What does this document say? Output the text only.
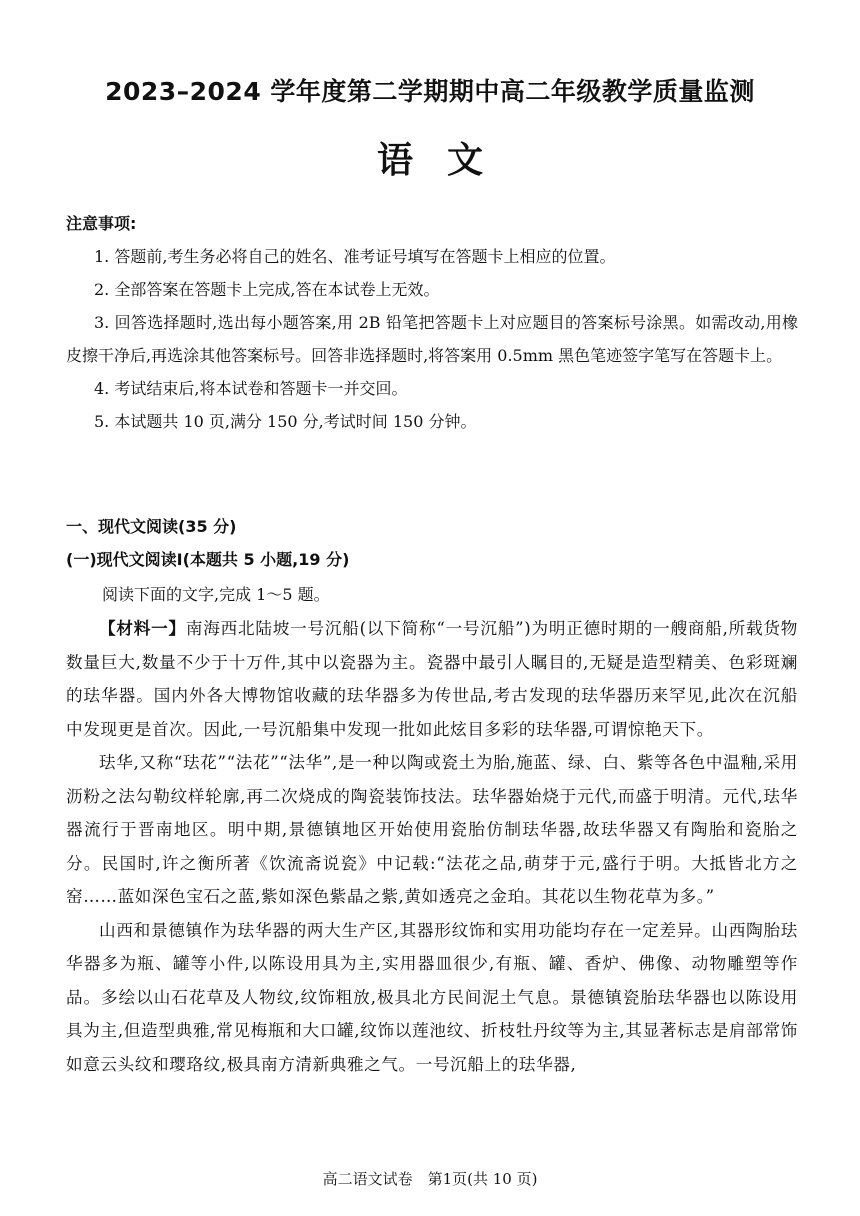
2023–2024 学年度第二学期期中高二年级教学质量监测
语文
注意事项:

1. 答题前,考生务必将自己的姓名、准考证号填写在答题卡上相应的位置。

2. 全部答案在答题卡上完成,答在本试卷上无效。

3. 回答选择题时,选出每小题答案,用 2B 铅笔把答题卡上对应题目的答案标号涂黑。如需改动,用橡皮擦干净后,再选涂其他答案标号。回答非选择题时,将答案用 0.5mm 黑色笔迹签字笔写在答题卡上。

4. 考试结束后,将本试卷和答题卡一并交回。

5. 本试题共 10 页,满分 150 分,考试时间 150 分钟。

一、现代文阅读(35 分)
(一)现代文阅读Ⅰ(本题共 5 小题,19 分)
阅读下面的文字,完成 1～5 题。

【材料一】南海西北陆坡一号沉船(以下简称“一号沉船”)为明正德时期的一艘商船,所载货物数量巨大,数量不少于十万件,其中以瓷器为主。瓷器中最引人瞩目的,无疑是造型精美、色彩斑斓的珐华器。国内外各大博物馆收藏的珐华器多为传世品,考古发现的珐华器历来罕见,此次在沉船中发现更是首次。因此,一号沉船集中发现一批如此炫目多彩的珐华器,可谓惊艳天下。

珐华,又称“珐花”“法花”“法华”,是一种以陶或瓷土为胎,施蓝、绿、白、紫等各色中温釉,采用沥粉之法勾勒纹样轮廓,再二次烧成的陶瓷装饰技法。珐华器始烧于元代,而盛于明清。元代,珐华器流行于晋南地区。明中期,景德镇地区开始使用瓷胎仿制珐华器,故珐华器又有陶胎和瓷胎之分。民国时,许之衡所著《饮流斋说瓷》中记载:“法花之品,萌芽于元,盛行于明。大抵皆北方之窑……蓝如深色宝石之蓝,紫如深色紫晶之紫,黄如透亮之金珀。其花以生物花草为多。”

山西和景德镇作为珐华器的两大生产区,其器形纹饰和实用功能均存在一定差异。山西陶胎珐华器多为瓶、罐等小件,以陈设用具为主,实用器皿很少,有瓶、罐、香炉、佛像、动物雕塑等作品。多绘以山石花草及人物纹,纹饰粗放,极具北方民间泥土气息。景德镇瓷胎珐华器也以陈设用具为主,但造型典雅,常见梅瓶和大口罐,纹饰以莲池纹、折枝牡丹纹等为主,其显著标志是肩部常饰如意云头纹和璎珞纹,极具南方清新典雅之气。一号沉船上的珐华器,

高二语文试卷　第1页(共 10 页)
